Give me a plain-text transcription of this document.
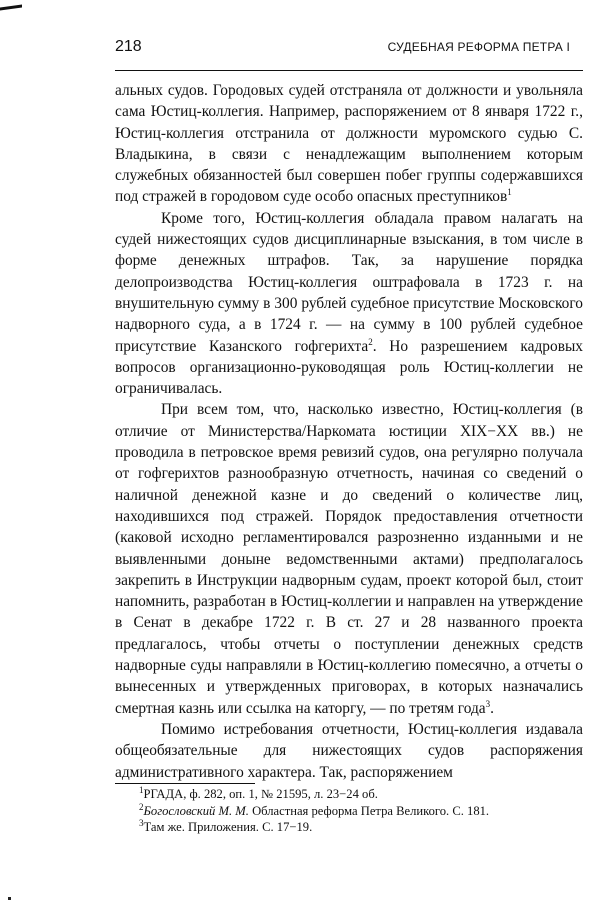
218	СУДЕБНАЯ РЕФОРМА ПЕТРА I

альных судов. Городовых судей отстраняла от должности и увольняла сама Юстиц-коллегия. Например, распоряжением от 8 января 1722 г., Юстиц-коллегия отстранила от должности муромского судью С. Владыкина, в связи с ненадлежащим выполнением которым служебных обязанностей был совершен побег группы содержавшихся под стражей в городовом суде особо опасных преступников$^1$

Кроме того, Юстиц-коллегия обладала правом налагать на судей нижестоящих судов дисциплинарные взыскания, в том числе в форме денежных штрафов. Так, за нарушение порядка делопроизводства Юстиц-коллегия оштрафовала в 1723 г. на внушительную сумму в 300 рублей судебное присутствие Московского надворного суда, а в 1724 г. — на сумму в 100 рублей судебное присутствие Казанского гофгерихта$^2$. Но разрешением кадровых вопросов организационно-руководящая роль Юстиц-коллегии не ограничивалась.

При всем том, что, насколько известно, Юстиц-коллегия (в отличие от Министерства/Наркомата юстиции XIX−XX вв.) не проводила в петровское время ревизий судов, она регулярно получала от гофгерихтов разнообразную отчетность, начиная со сведений о наличной денежной казне и до сведений о количестве лиц, находившихся под стражей. Порядок предоставления отчетности (каковой исходно регламентировался разрозненно изданными и не выявленными доныне ведомственными актами) предполагалось закрепить в Инструкции надворным судам, проект которой был, стоит напомнить, разработан в Юстиц-коллегии и направлен на утверждение в Сенат в декабре 1722 г. В ст. 27 и 28 названного проекта предлагалось, чтобы отчеты о поступлении денежных средств надворные суды направляли в Юстиц-коллегию помесячно, а отчеты о вынесенных и утвержденных приговорах, в которых назначались смертная казнь или ссылка на каторгу, — по третям года$^3$.

Помимо истребования отчетности, Юстиц-коллегия издавала общеобязательные для нижестоящих судов распоряжения административного характера. Так, распоряжением

$^1$РГАДА, ф. 282, оп. 1, № 21595, л. 23−24 об.

$^2$Богословский М. М. Областная реформа Петра Великого. С. 181.

$^3$Там же. Приложения. С. 17−19.
